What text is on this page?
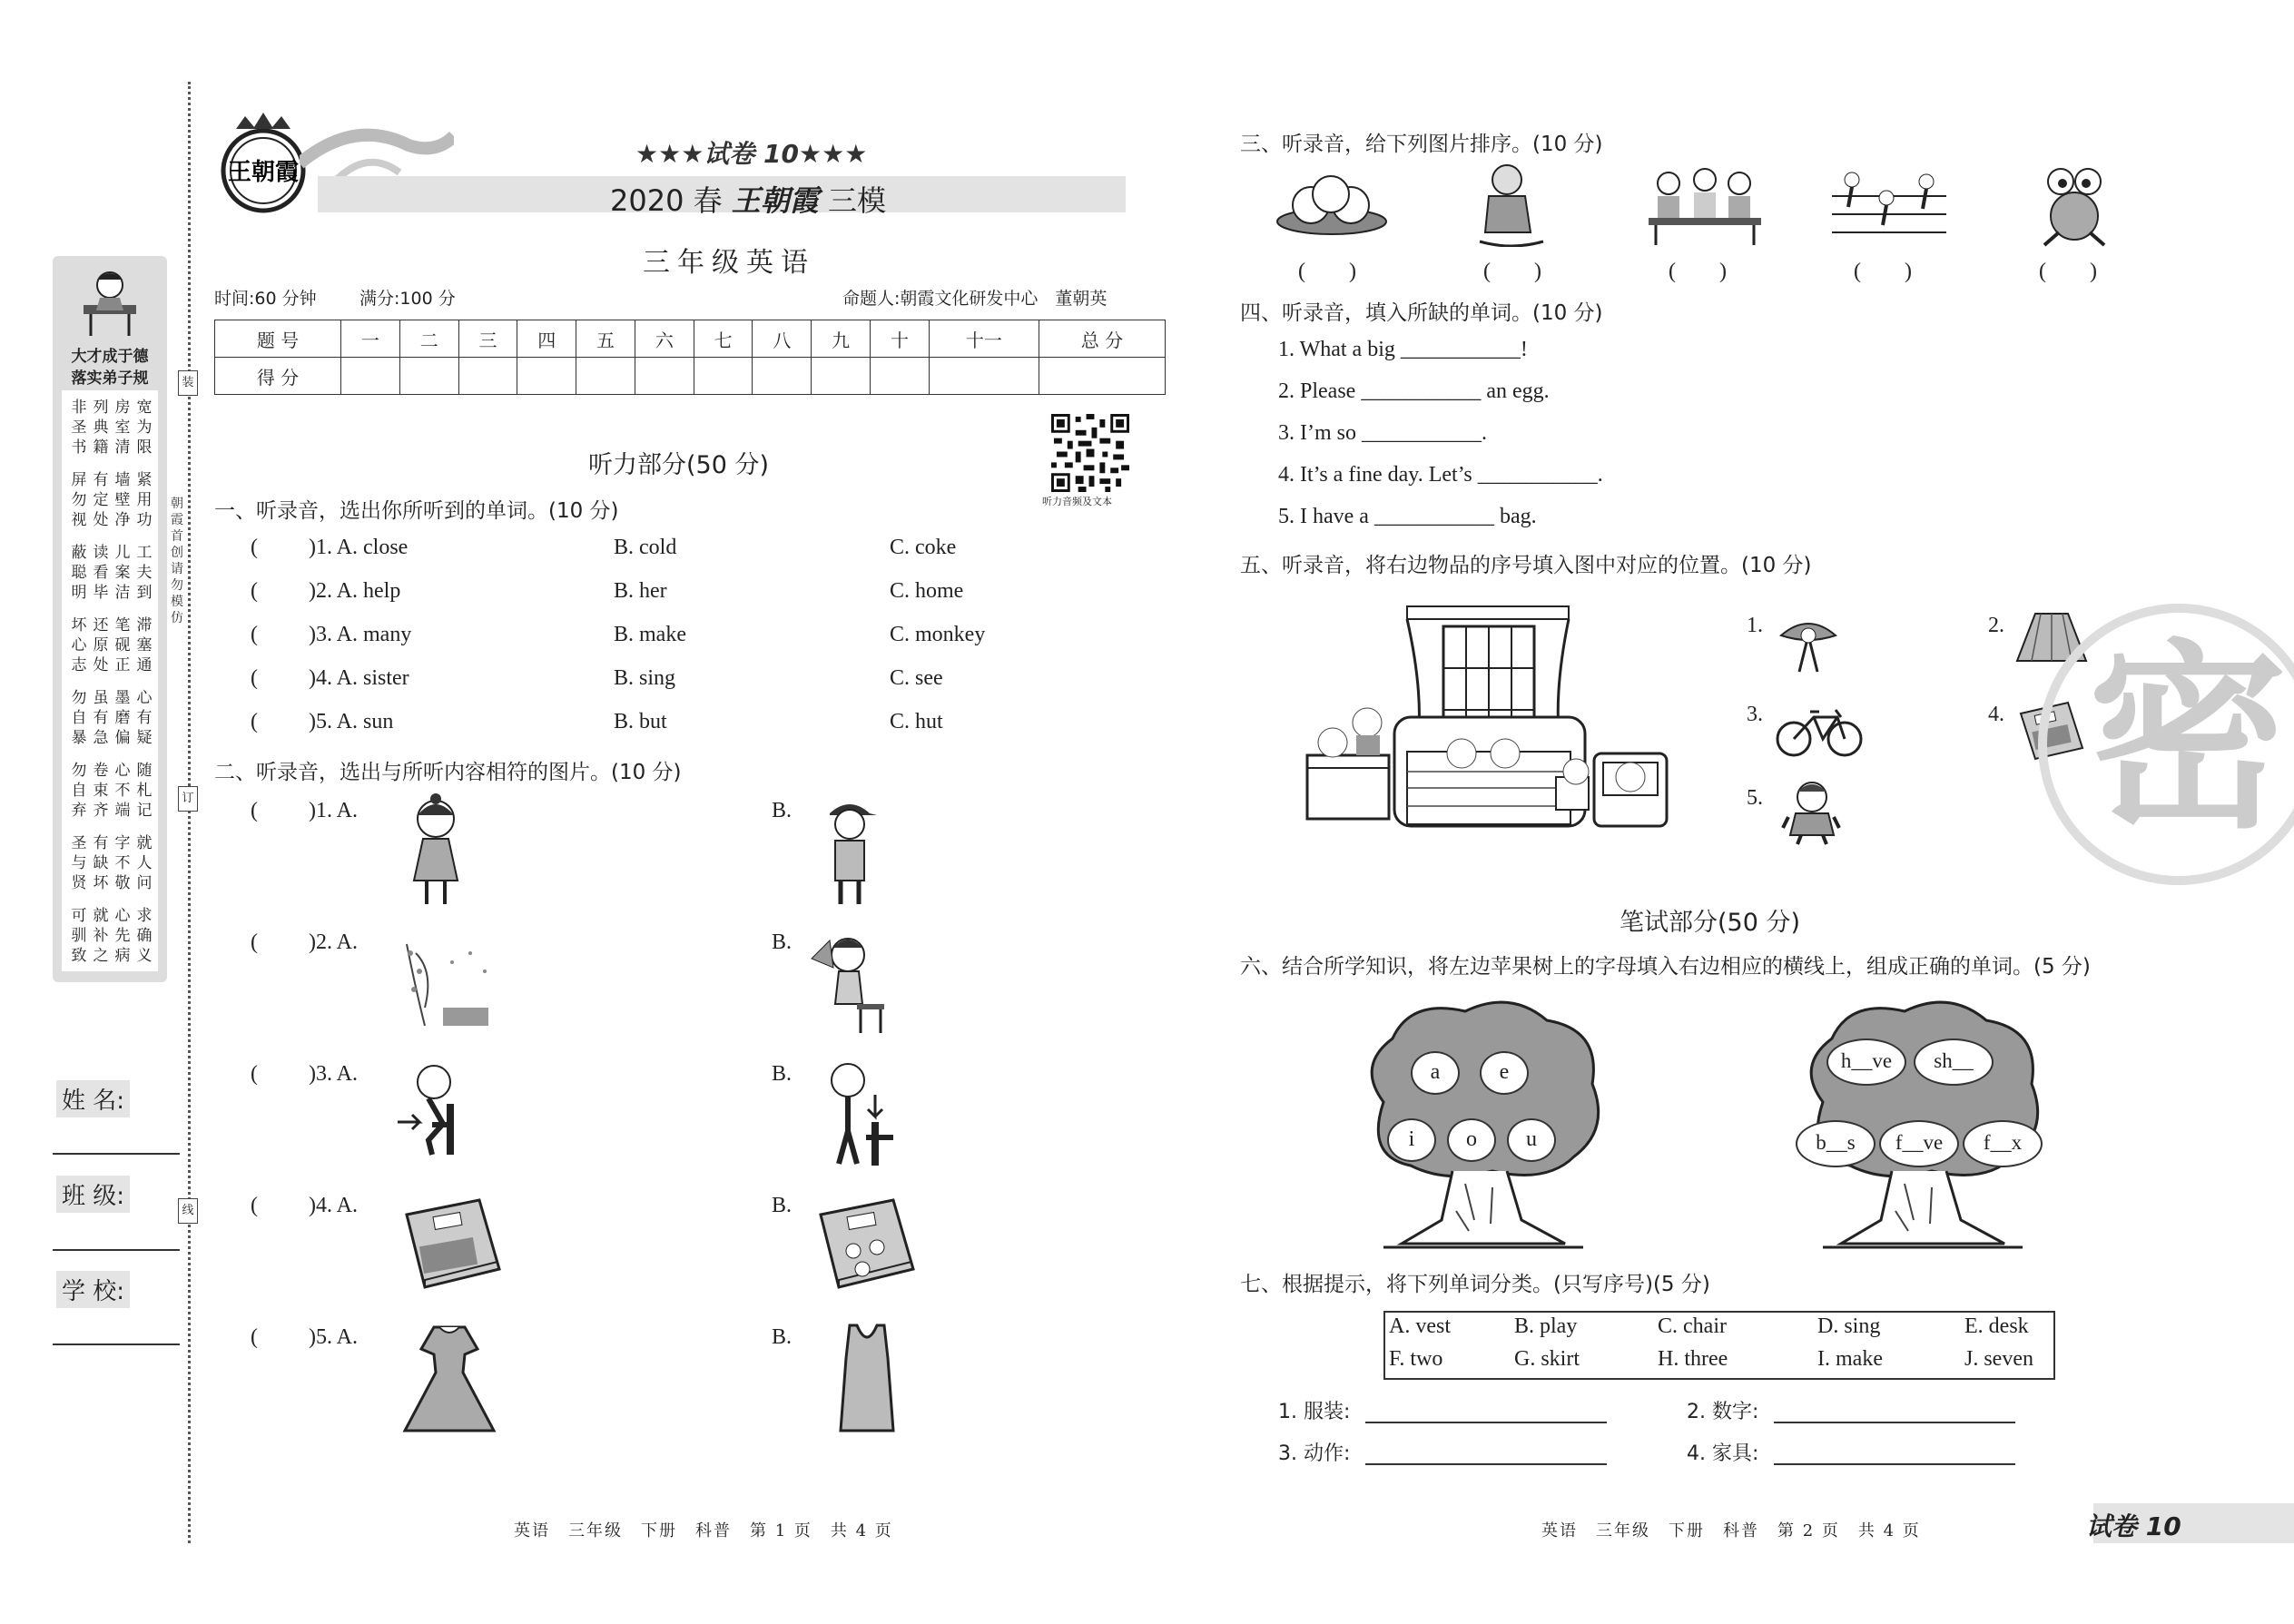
大才成于德
落实弟子规
非圣书
列典籍
房室清
宽为限
屏勿视
有定处
墙壁净
紧用功
蔽聪明
读看毕
儿案洁
工夫到
坏心志
还原处
笔砚正
滞塞通
勿自暴
虽有急
墨磨偏
心有疑
勿自弃
卷束齐
心不端
随札记
圣与贤
有缺坏
字不敬
就人问
可驯致
就补之
心先病
求确义
装
订
线
朝霞首创　请勿模仿
姓 名:
班 级:
学 校:
王朝霞
★★★试卷 10★★★
2020 春 王朝霞 三模
三年级英语
时间:60 分钟 满分:100 分	命题人:朝霞文化研发中心　董朝英
题 号	一	二	三	四	五	六	七	八	九	十	十一	总 分
得 分												
听力音频及文本
听力部分(50 分)
一、听录音，选出你所听到的单词。(10 分)
( )1. A. close	B. cold	C. coke
( )2. A. help	B. her	C. home
( )3. A. many	B. make	C. monkey
( )4. A. sister	B. sing	C. see
( )5. A. sun	B. but	C. hut
二、听录音，选出与所听内容相符的图片。(10 分)
( )1. A.	B.
( )2. A.	B.
( )3. A.	B.
( )4. A.	B.
( )5. A.	B.
英语　三年级　下册　科普　第 1 页　共 4 页
三、听录音，给下列图片排序。(10 分)
(　　)	(　　)	(　　)	(　　)	(　　)
四、听录音，填入所缺的单词。(10 分)
1. What a big ___________!
2. Please ___________ an egg.
3. I’m so ___________.
4. It’s a fine day. Let’s ___________.
5. I have a ___________ bag.
五、听录音，将右边物品的序号填入图中对应的位置。(10 分)
1.	2.
3.	4.
5. 密
笔试部分(50 分)
六、结合所学知识，将左边苹果树上的字母填入右边相应的横线上，组成正确的单词。(5 分)
a	e
i	o	u
h__ve	sh__
b__s	f__ve	f__x
七、根据提示，将下列单词分类。(只写序号)(5 分)
A. vest	B. play	C. chair	D. sing	E. desk
F. two	G. skirt	H. three	I. make	J. seven
1. 服装:	2. 数字:
3. 动作:	4. 家具:
英语　三年级　下册　科普　第 2 页　共 4 页	试卷 10
